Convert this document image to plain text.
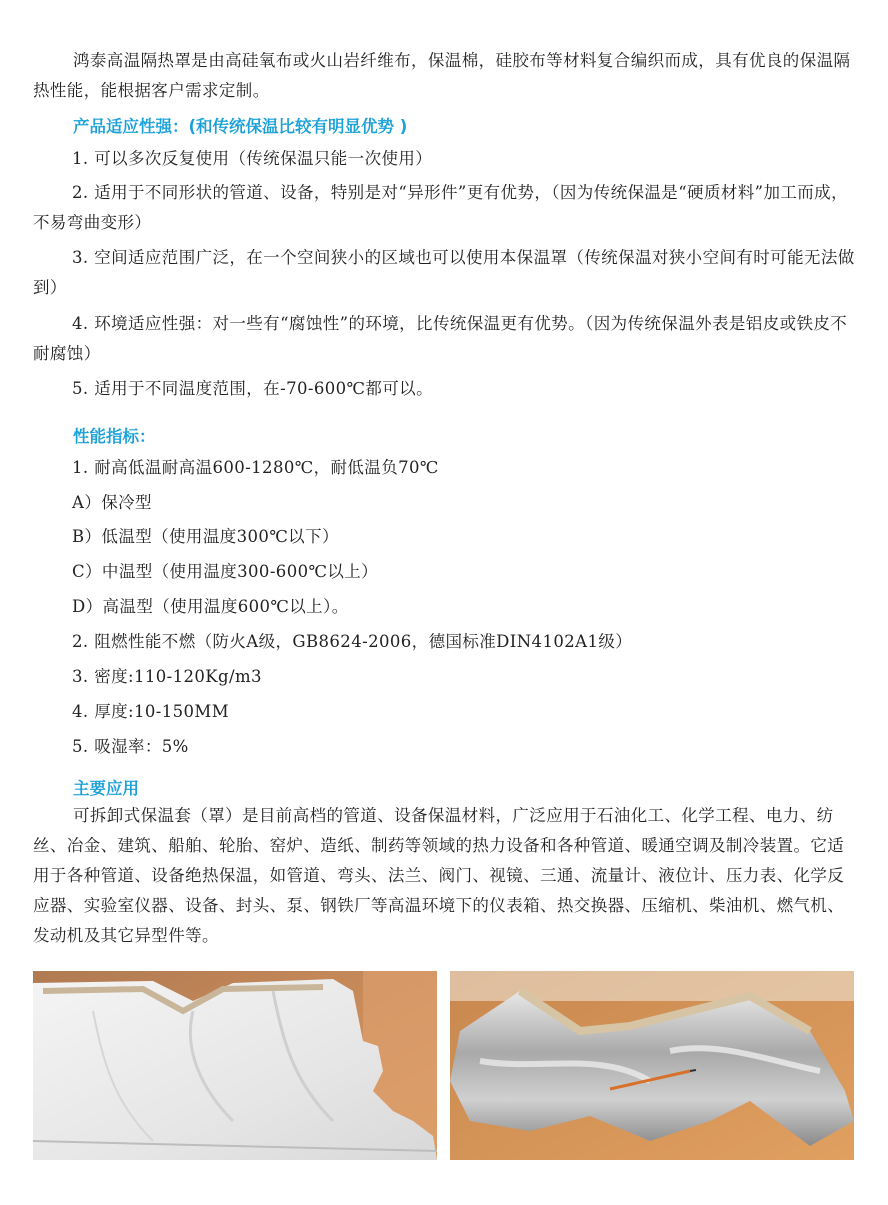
鸿泰高温隔热罩是由高硅氧布或火山岩纤维布，保温棉，硅胶布等材料复合编织而成，具有优良的保温隔热性能，能根据客户需求定制。

产品适应性强：(和传统保温比较有明显优势 )

1. 可以多次反复使用（传统保温只能一次使用）

2. 适用于不同形状的管道、设备，特别是对“异形件”更有优势，（因为传统保温是“硬质材料”加工而成，不易弯曲变形）

3. 空间适应范围广泛，在一个空间狭小的区域也可以使用本保温罩（传统保温对狭小空间有时可能无法做到）

4. 环境适应性强：对一些有“腐蚀性”的环境，比传统保温更有优势。（因为传统保温外表是铝皮或铁皮不耐腐蚀）

5. 适用于不同温度范围，在-70-600℃都可以。

性能指标：

1. 耐高低温耐高温600-1280℃，耐低温负70℃

A）保冷型

B）低温型（使用温度300℃以下）

C）中温型（使用温度300-600℃以上）

D）高温型（使用温度600℃以上）。

2. 阻燃性能不燃（防火A级，GB8624-2006，德国标准DIN4102A1级）

3. 密度:110-120Kg/m3

4. 厚度:10-150MM

5. 吸湿率：5%

主要应用

可拆卸式保温套（罩）是目前高档的管道、设备保温材料，广泛应用于石油化工、化学工程、电力、纺丝、冶金、建筑、船舶、轮胎、窑炉、造纸、制药等领域的热力设备和各种管道、暖通空调及制冷装置。它适用于各种管道、设备绝热保温，如管道、弯头、法兰、阀门、视镜、三通、流量计、液位计、压力表、化学反应器、实验室仪器、设备、封头、泵、钢铁厂等高温环境下的仪表箱、热交换器、压缩机、柴油机、燃气机、发动机及其它异型件等。
